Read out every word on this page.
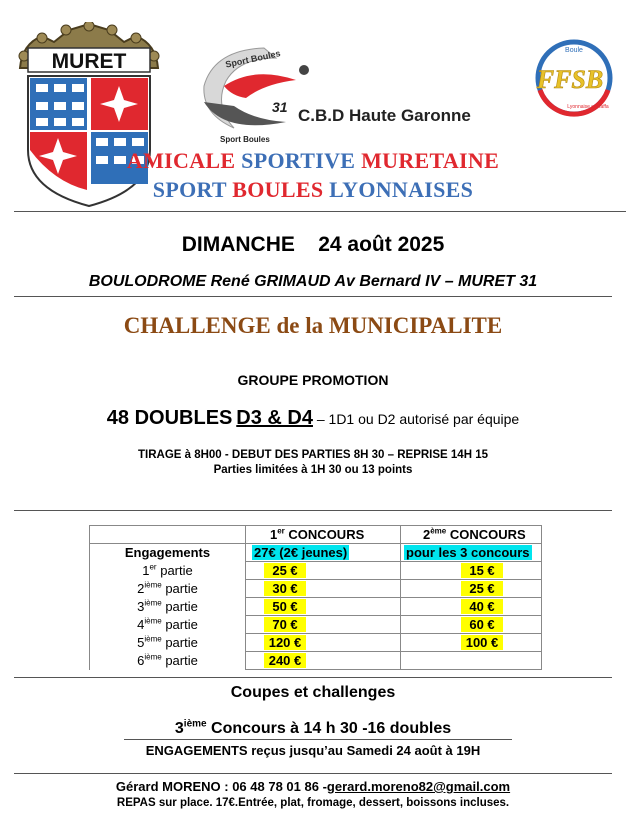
MURET	Sport Boules
31
Sport Boules
C.B.D Haute Garonne
Boule
FFSB
Lyonnaise et Raffa
AMICALE SPORTIVE MURETAINE
SPORT BOULES LYONNAISES
DIMANCHE 24 août 2025
BOULODROME René GRIMAUD Av Bernard IV – MURET 31
CHALLENGE de la MUNICIPALITE
GROUPE PROMOTION
48 DOUBLES D3 & D4 – 1D1 ou D2 autorisé par équipe
TIRAGE à 8H00 - DEBUT DES PARTIES 8H 30 – REPRISE 14H 15
Parties limitées à 1H 30 ou 13 points
	1er CONCOURS	2ème CONCOURS
Engagements	27€ (2€ jeunes)	pour les 3 concours
1er partie	25 €	15 €
2ième partie	30 €	25 €
3ième partie	50 €	40 €
4ième partie	70 €	60 €
5ième partie	120 €	100 €
6ième partie	240 €	
Coupes et challenges
3ième Concours à 14 h 30 -16 doubles
ENGAGEMENTS reçus jusqu’au Samedi 24 août à 19H
Gérard MORENO : 06 48 78 01 86 -gerard.moreno82@gmail.com
REPAS sur place. 17€.Entrée, plat, fromage, dessert, boissons incluses.
